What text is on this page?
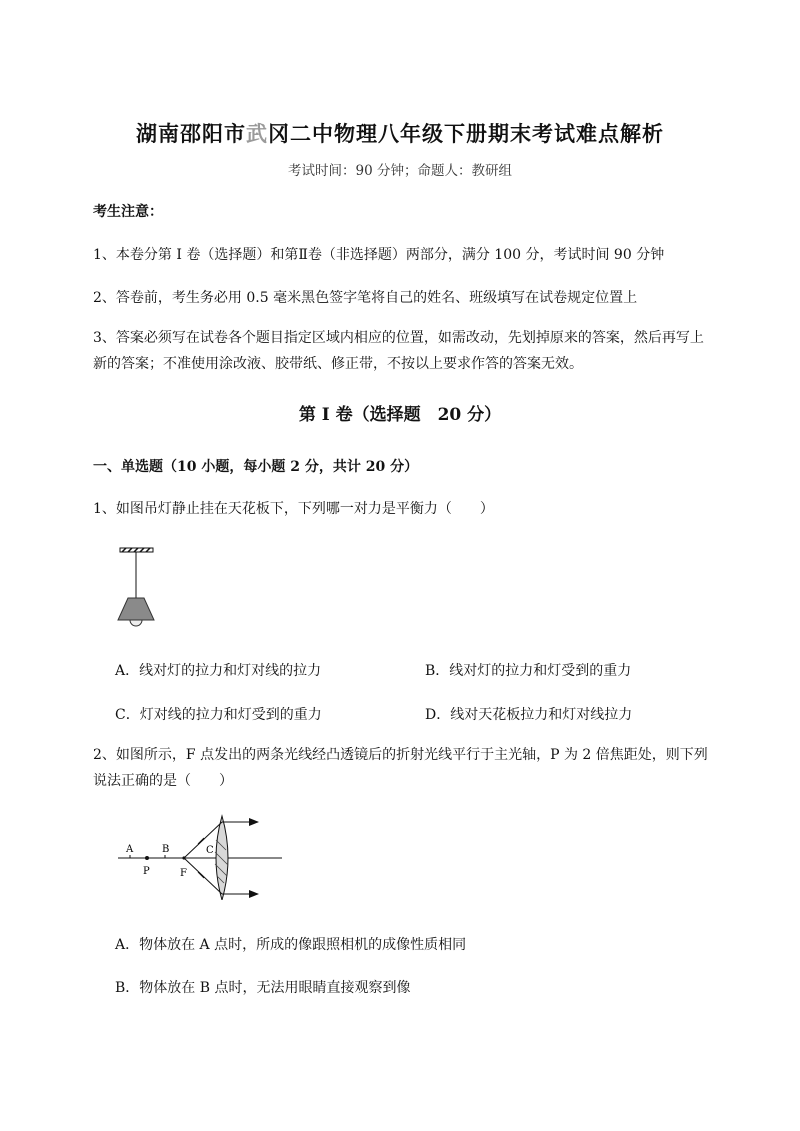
湖南邵阳市武冈二中物理八年级下册期末考试难点解析
考试时间：90 分钟；命题人：教研组
考生注意：
1、本卷分第 I 卷（选择题）和第Ⅱ卷（非选择题）两部分，满分 100 分，考试时间 90 分钟
2、答卷前，考生务必用 0.5 毫米黑色签字笔将自己的姓名、班级填写在试卷规定位置上
3、答案必须写在试卷各个题目指定区域内相应的位置，如需改动，先划掉原来的答案，然后再写上新的答案；不准使用涂改液、胶带纸、修正带，不按以上要求作答的答案无效。
第 I 卷（选择题　20 分）
一、单选题（10 小题，每小题 2 分，共计 20 分）
1、如图吊灯静止挂在天花板下，下列哪一对力是平衡力（　　）
A．线对灯的拉力和灯对线的拉力	B．线对灯的拉力和灯受到的重力
C．灯对线的拉力和灯受到的重力	D．线对天花板拉力和灯对线拉力
2、如图所示，F 点发出的两条光线经凸透镜后的折射光线平行于主光轴，P 为 2 倍焦距处，则下列说法正确的是（　　）
A
P
B
F
C
A．物体放在 A 点时，所成的像跟照相机的成像性质相同
B．物体放在 B 点时，无法用眼睛直接观察到像
